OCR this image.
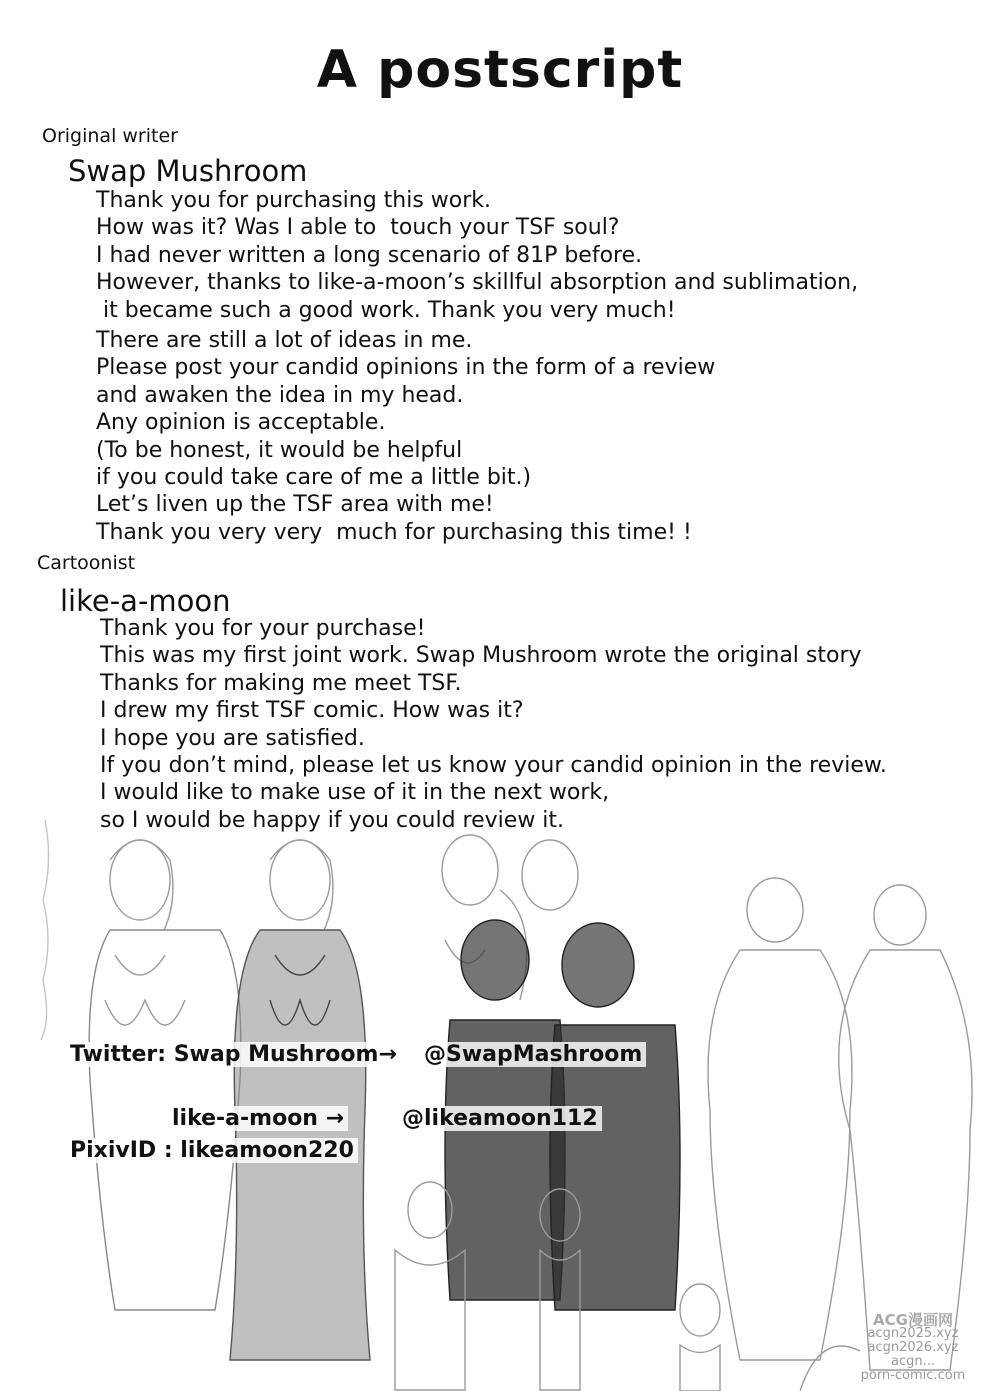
A postscript
Original writer
Swap Mushroom
Thank you for purchasing this work.
How was it? Was I able to  touch your TSF soul?
I had never written a long scenario of 81P before.
However, thanks to like-a-moon’s skillful absorption and sublimation,
it became such a good work. Thank you very much!
There are still a lot of ideas in me.
Please post your candid opinions in the form of a review
and awaken the idea in my head.
Any opinion is acceptable.
(To be honest, it would be helpful
if you could take care of me a little bit.)
Let’s liven up the TSF area with me!
Thank you very very  much for purchasing this time! !
Cartoonist
like-a-moon
Thank you for your purchase!
This was my first joint work. Swap Mushroom wrote the original story
Thanks for making me meet TSF.
I drew my first TSF comic. How was it?
I hope you are satisfied.
If you don’t mind, please let us know your candid opinion in the review.
I would like to make use of it in the next work,
so I would be happy if you could review it.
Twitter: Swap Mushroom→ @SwapMashroom
like-a-moon →	@likeamoon112
PixivID : likeamoon220
ACG漫画网
acgn2025.xyz
acgn2026.xyz
acgn...
porn-comic.com
